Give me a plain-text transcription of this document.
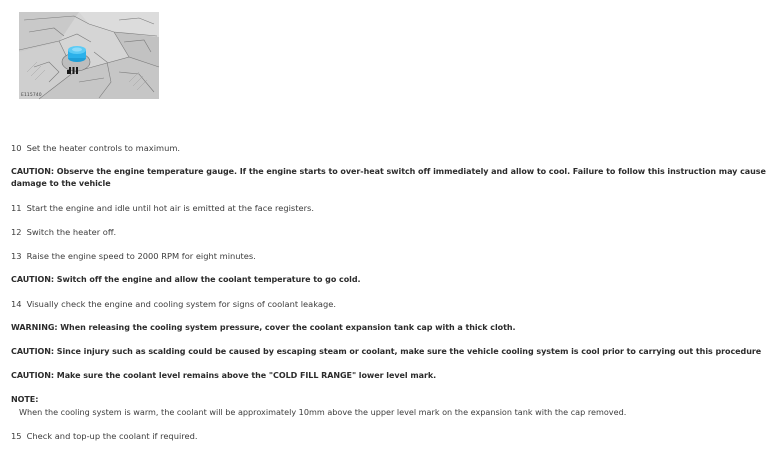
E115740
10 Set the heater controls to maximum.
CAUTION: Observe the engine temperature gauge. If the engine starts to over-heat switch off immediately and allow to cool. Failure to follow this instruction may cause
damage to the vehicle
11 Start the engine and idle until hot air is emitted at the face registers.
12 Switch the heater off.
13 Raise the engine speed to 2000 RPM for eight minutes.
CAUTION: Switch off the engine and allow the coolant temperature to go cold.
14 Visually check the engine and cooling system for signs of coolant leakage.
WARNING: When releasing the cooling system pressure, cover the coolant expansion tank cap with a thick cloth.
CAUTION: Since injury such as scalding could be caused by escaping steam or coolant, make sure the vehicle cooling system is cool prior to carrying out this procedure
CAUTION: Make sure the coolant level remains above the "COLD FILL RANGE" lower level mark.
NOTE:
When the cooling system is warm, the coolant will be approximately 10mm above the upper level mark on the expansion tank with the cap removed.
15 Check and top-up the coolant if required.
